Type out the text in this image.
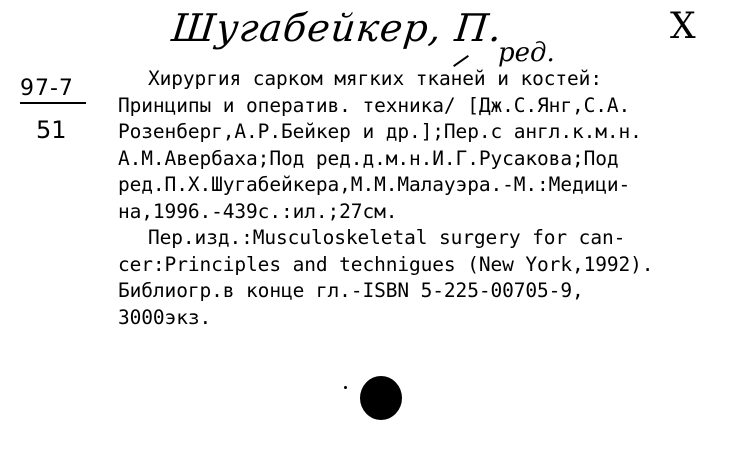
Шугабейкер, П.	Х
ред.
97-7
51
Хирургия сарком мягких тканей и костей:
Принципы и оператив. техника/ [Дж.С.Янг,С.А.
Розенберг,А.Р.Бейкер и др.];Пер.с англ.к.м.н.
А.М.Авербаха;Под ред.д.м.н.И.Г.Русакова;Под
ред.П.Х.Шугабейкера,М.М.Малауэра.-М.:Медици-
на,1996.-439с.:ил.;27см.
Пер.изд.:Musculoskeletal surgery for can-
cer:Principles and technigues (New York,1992).
Библиогр.в конце гл.-ISBN 5-225-00705-9,
3000экз.
